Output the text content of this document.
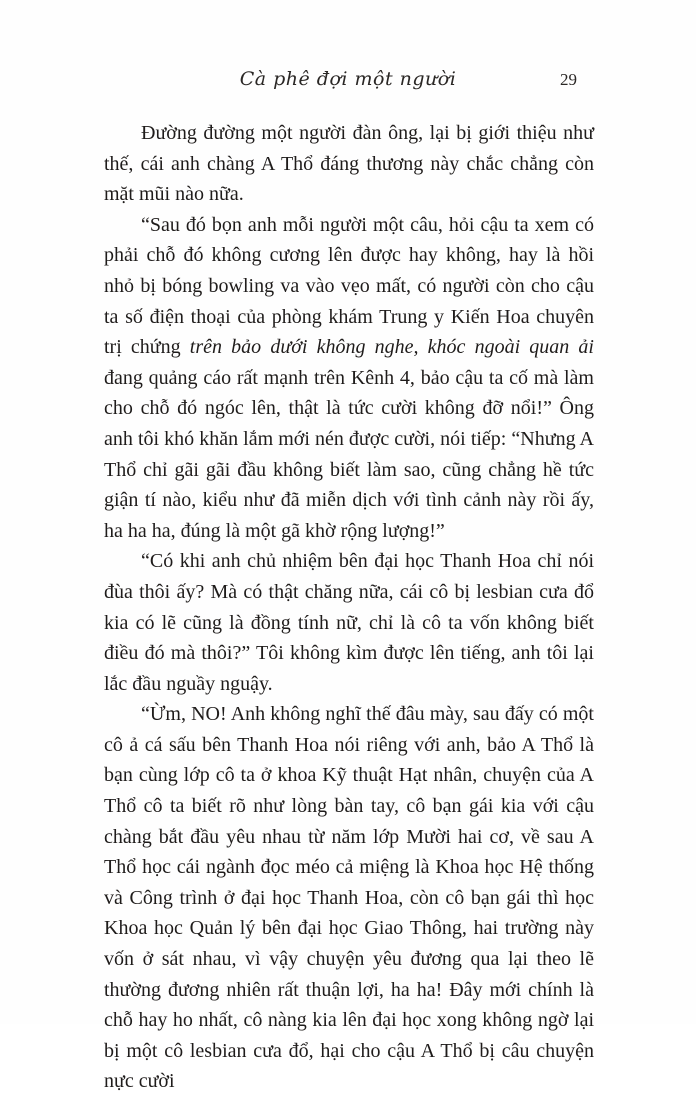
Cà phê đợi một người	29

Đường đường một người đàn ông, lại bị giới thiệu như thế, cái anh chàng A Thổ đáng thương này chắc chẳng còn mặt mũi nào nữa.

“Sau đó bọn anh mỗi người một câu, hỏi cậu ta xem có phải chỗ đó không cương lên được hay không, hay là hồi nhỏ bị bóng bowling va vào vẹo mất, có người còn cho cậu ta số điện thoại của phòng khám Trung y Kiến Hoa chuyên trị chứng trên bảo dưới không nghe, khóc ngoài quan ải đang quảng cáo rất mạnh trên Kênh 4, bảo cậu ta cố mà làm cho chỗ đó ngóc lên, thật là tức cười không đỡ nổi!” Ông anh tôi khó khăn lắm mới nén được cười, nói tiếp: “Nhưng A Thổ chỉ gãi gãi đầu không biết làm sao, cũng chẳng hề tức giận tí nào, kiểu như đã miễn dịch với tình cảnh này rồi ấy, ha ha ha, đúng là một gã khờ rộng lượng!”

“Có khi anh chủ nhiệm bên đại học Thanh Hoa chỉ nói đùa thôi ấy? Mà có thật chăng nữa, cái cô bị lesbian cưa đổ kia có lẽ cũng là đồng tính nữ, chỉ là cô ta vốn không biết điều đó mà thôi?” Tôi không kìm được lên tiếng, anh tôi lại lắc đầu nguầy nguậy.

“Ừm, NO! Anh không nghĩ thế đâu mày, sau đấy có một cô ả cá sấu bên Thanh Hoa nói riêng với anh, bảo A Thổ là bạn cùng lớp cô ta ở khoa Kỹ thuật Hạt nhân, chuyện của A Thổ cô ta biết rõ như lòng bàn tay, cô bạn gái kia với cậu chàng bắt đầu yêu nhau từ năm lớp Mười hai cơ, về sau A Thổ học cái ngành đọc méo cả miệng là Khoa học Hệ thống và Công trình ở đại học Thanh Hoa, còn cô bạn gái thì học Khoa học Quản lý bên đại học Giao Thông, hai trường này vốn ở sát nhau, vì vậy chuyện yêu đương qua lại theo lẽ thường đương nhiên rất thuận lợi, ha ha! Đây mới chính là chỗ hay ho nhất, cô nàng kia lên đại học xong không ngờ lại bị một cô lesbian cưa đổ, hại cho cậu A Thổ bị câu chuyện nực cười
